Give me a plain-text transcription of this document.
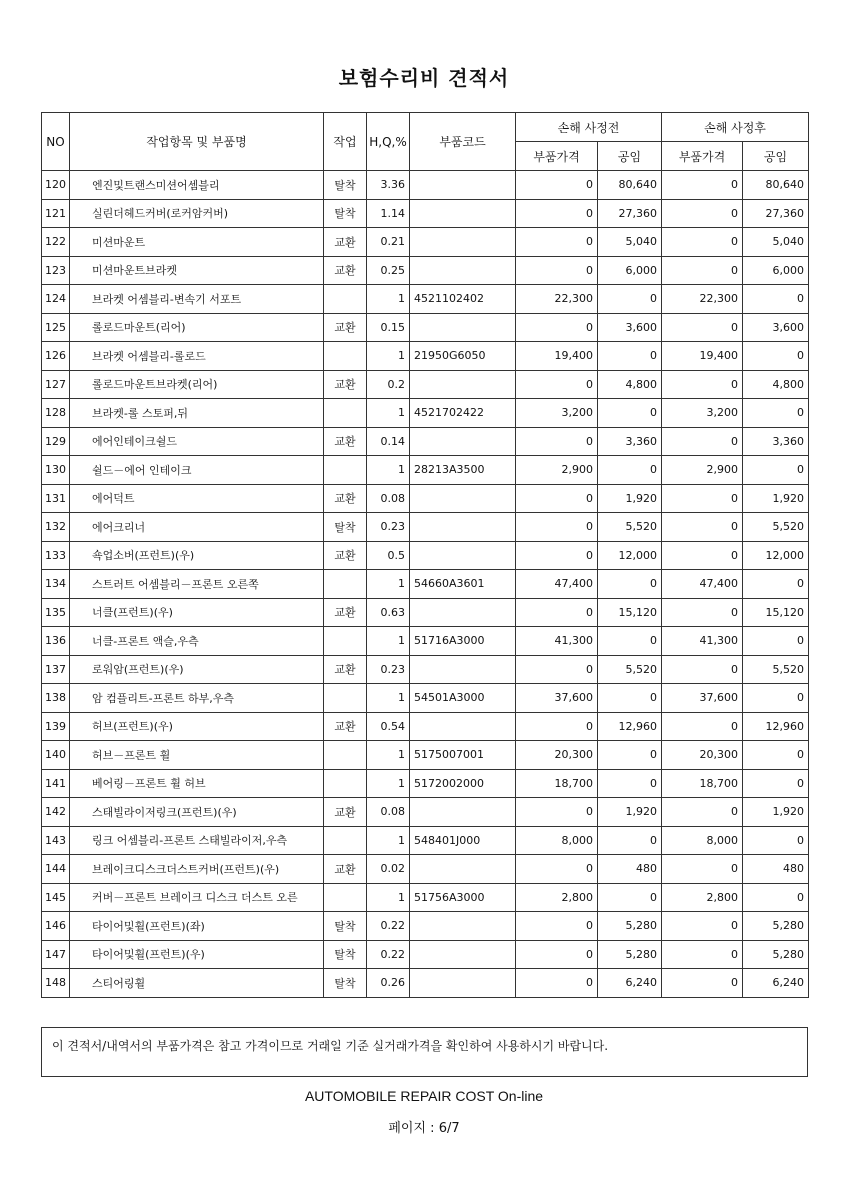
보험수리비 견적서
NO	작업항목 및 부품명	작업	H,Q,%	부품코드	손해 사정전		손해 사정후	
					부품가격	공임	부품가격	공임
120	엔진및트랜스미션어셈블리	탈착	3.36		0	80,640	0	80,640
121	실린더헤드커버(로커암커버)	탈착	1.14		0	27,360	0	27,360
122	미션마운트	교환	0.21		0	5,040	0	5,040
123	미션마운트브라켓	교환	0.25		0	6,000	0	6,000
124	브라켓 어셈블리-변속기 서포트		1	4521102402	22,300	0	22,300	0
125	롤로드마운트(리어)	교환	0.15		0	3,600	0	3,600
126	브라켓 어셈블리-롤로드		1	21950G6050	19,400	0	19,400	0
127	롤로드마운트브라켓(리어)	교환	0.2		0	4,800	0	4,800
128	브라켓-롤 스토퍼,뒤		1	4521702422	3,200	0	3,200	0
129	에어인테이크쉴드	교환	0.14		0	3,360	0	3,360
130	쉴드－에어 인테이크		1	28213A3500	2,900	0	2,900	0
131	에어덕트	교환	0.08		0	1,920	0	1,920
132	에어크리너	탈착	0.23		0	5,520	0	5,520
133	쇽업소버(프런트)(우)	교환	0.5		0	12,000	0	12,000
134	스트러트 어셈블리－프론트 오른쪽		1	54660A3601	47,400	0	47,400	0
135	너클(프런트)(우)	교환	0.63		0	15,120	0	15,120
136	너클-프론트 액슬,우측		1	51716A3000	41,300	0	41,300	0
137	로워암(프런트)(우)	교환	0.23		0	5,520	0	5,520
138	암 컴플리트-프론트 하부,우측		1	54501A3000	37,600	0	37,600	0
139	허브(프런트)(우)	교환	0.54		0	12,960	0	12,960
140	허브－프론트 휠		1	5175007001	20,300	0	20,300	0
141	베어링－프론트 휠 허브		1	5172002000	18,700	0	18,700	0
142	스태빌라이저링크(프런트)(우)	교환	0.08		0	1,920	0	1,920
143	링크 어셈블리-프론트 스태빌라이저,우측		1	548401J000	8,000	0	8,000	0
144	브레이크디스크더스트커버(프런트)(우)	교환	0.02		0	480	0	480
145	커버－프론트 브레이크 디스크 더스트 오른		1	51756A3000	2,800	0	2,800	0
146	타이어및휠(프런트)(좌)	탈착	0.22		0	5,280	0	5,280
147	타이어및휠(프런트)(우)	탈착	0.22		0	5,280	0	5,280
148	스티어링휠	탈착	0.26		0	6,240	0	6,240
이 견적서/내역서의 부품가격은 참고 가격이므로 거래일 기준 실거래가격을 확인하여 사용하시기 바랍니다.
AUTOMOBILE REPAIR COST On-line
페이지 : 6/7
